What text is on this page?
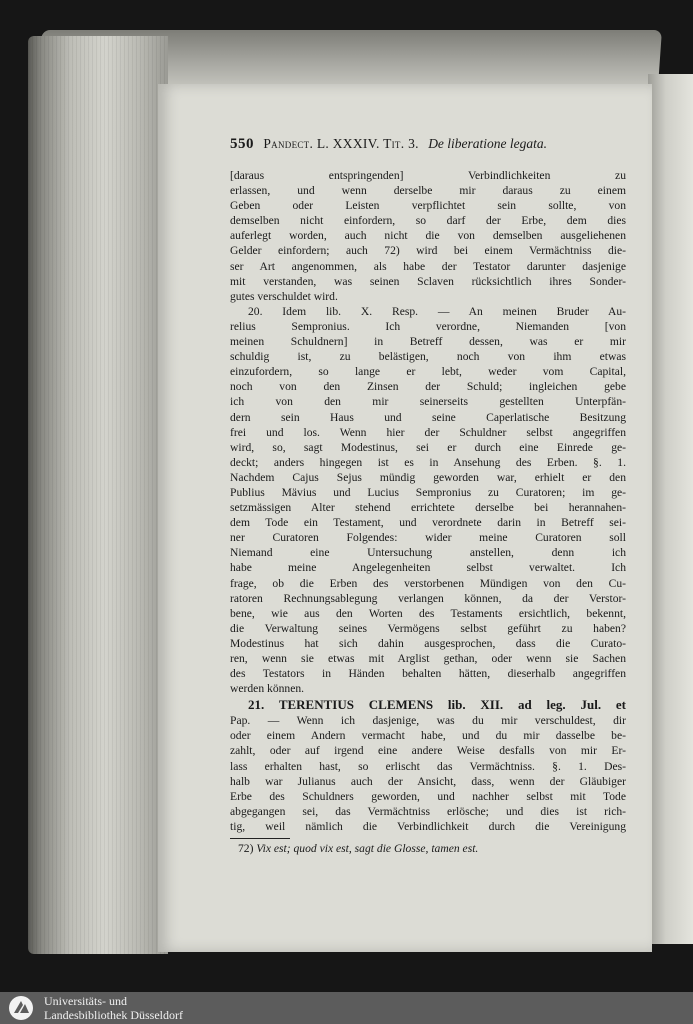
550 Pandect. L. XXXIV. Tit. 3. De liberatione legata.
[daraus entspringenden] Verbindlichkeiten zu
erlassen, und wenn derselbe mir daraus zu einem
Geben oder Leisten verpflichtet sein sollte, von
demselben nicht einfordern, so darf der Erbe, dem dies
auferlegt worden, auch nicht die von demselben ausgeliehenen
Gelder einfordern; auch 72) wird bei einem Vermächtniss die-
ser Art angenommen, als habe der Testator darunter dasjenige
mit verstanden, was seinen Sclaven rücksichtlich ihres Sonder-
gutes verschuldet wird.
20. Idem lib. X. Resp. — An meinen Bruder Au-
relius Sempronius. Ich verordne, Niemanden [von
meinen Schuldnern] in Betreff dessen, was er mir
schuldig ist, zu belästigen, noch von ihm etwas
einzufordern, so lange er lebt, weder vom Capital,
noch von den Zinsen der Schuld; ingleichen gebe
ich von den mir seinerseits gestellten Unterpfän-
dern sein Haus und seine Caperlatische Besitzung
frei und los. Wenn hier der Schuldner selbst angegriffen
wird, so, sagt Modestinus, sei er durch eine Einrede ge-
deckt; anders hingegen ist es in Ansehung des Erben. §. 1.
Nachdem Cajus Sejus mündig geworden war, erhielt er den
Publius Mävius und Lucius Sempronius zu Curatoren; im ge-
setzmässigen Alter stehend errichtete derselbe bei herannahen-
dem Tode ein Testament, und verordnete darin in Betreff sei-
ner Curatoren Folgendes: wider meine Curatoren soll
Niemand eine Untersuchung anstellen, denn ich
habe meine Angelegenheiten selbst verwaltet. Ich
frage, ob die Erben des verstorbenen Mündigen von den Cu-
ratoren Rechnungsablegung verlangen können, da der Verstor-
bene, wie aus den Worten des Testaments ersichtlich, bekennt,
die Verwaltung seines Vermögens selbst geführt zu haben?
Modestinus hat sich dahin ausgesprochen, dass die Curato-
ren, wenn sie etwas mit Arglist gethan, oder wenn sie Sachen
des Testators in Händen behalten hätten, dieserhalb angegriffen
werden können.
21. TERENTIUS CLEMENS lib. XII. ad leg. Jul. et
Pap. — Wenn ich dasjenige, was du mir verschuldest, dir
oder einem Andern vermacht habe, und du mir dasselbe be-
zahlt, oder auf irgend eine andere Weise desfalls von mir Er-
lass erhalten hast, so erlischt das Vermächtniss. §. 1. Des-
halb war Julianus auch der Ansicht, dass, wenn der Gläubiger
Erbe des Schuldners geworden, und nachher selbst mit Tode
abgegangen sei, das Vermächtniss erlösche; und dies ist rich-
tig, weil nämlich die Verbindlichkeit durch die Vereinigung
72) Vix est; quod vix est, sagt die Glosse, tamen est.
Universitäts- und
Landesbibliothek Düsseldorf
